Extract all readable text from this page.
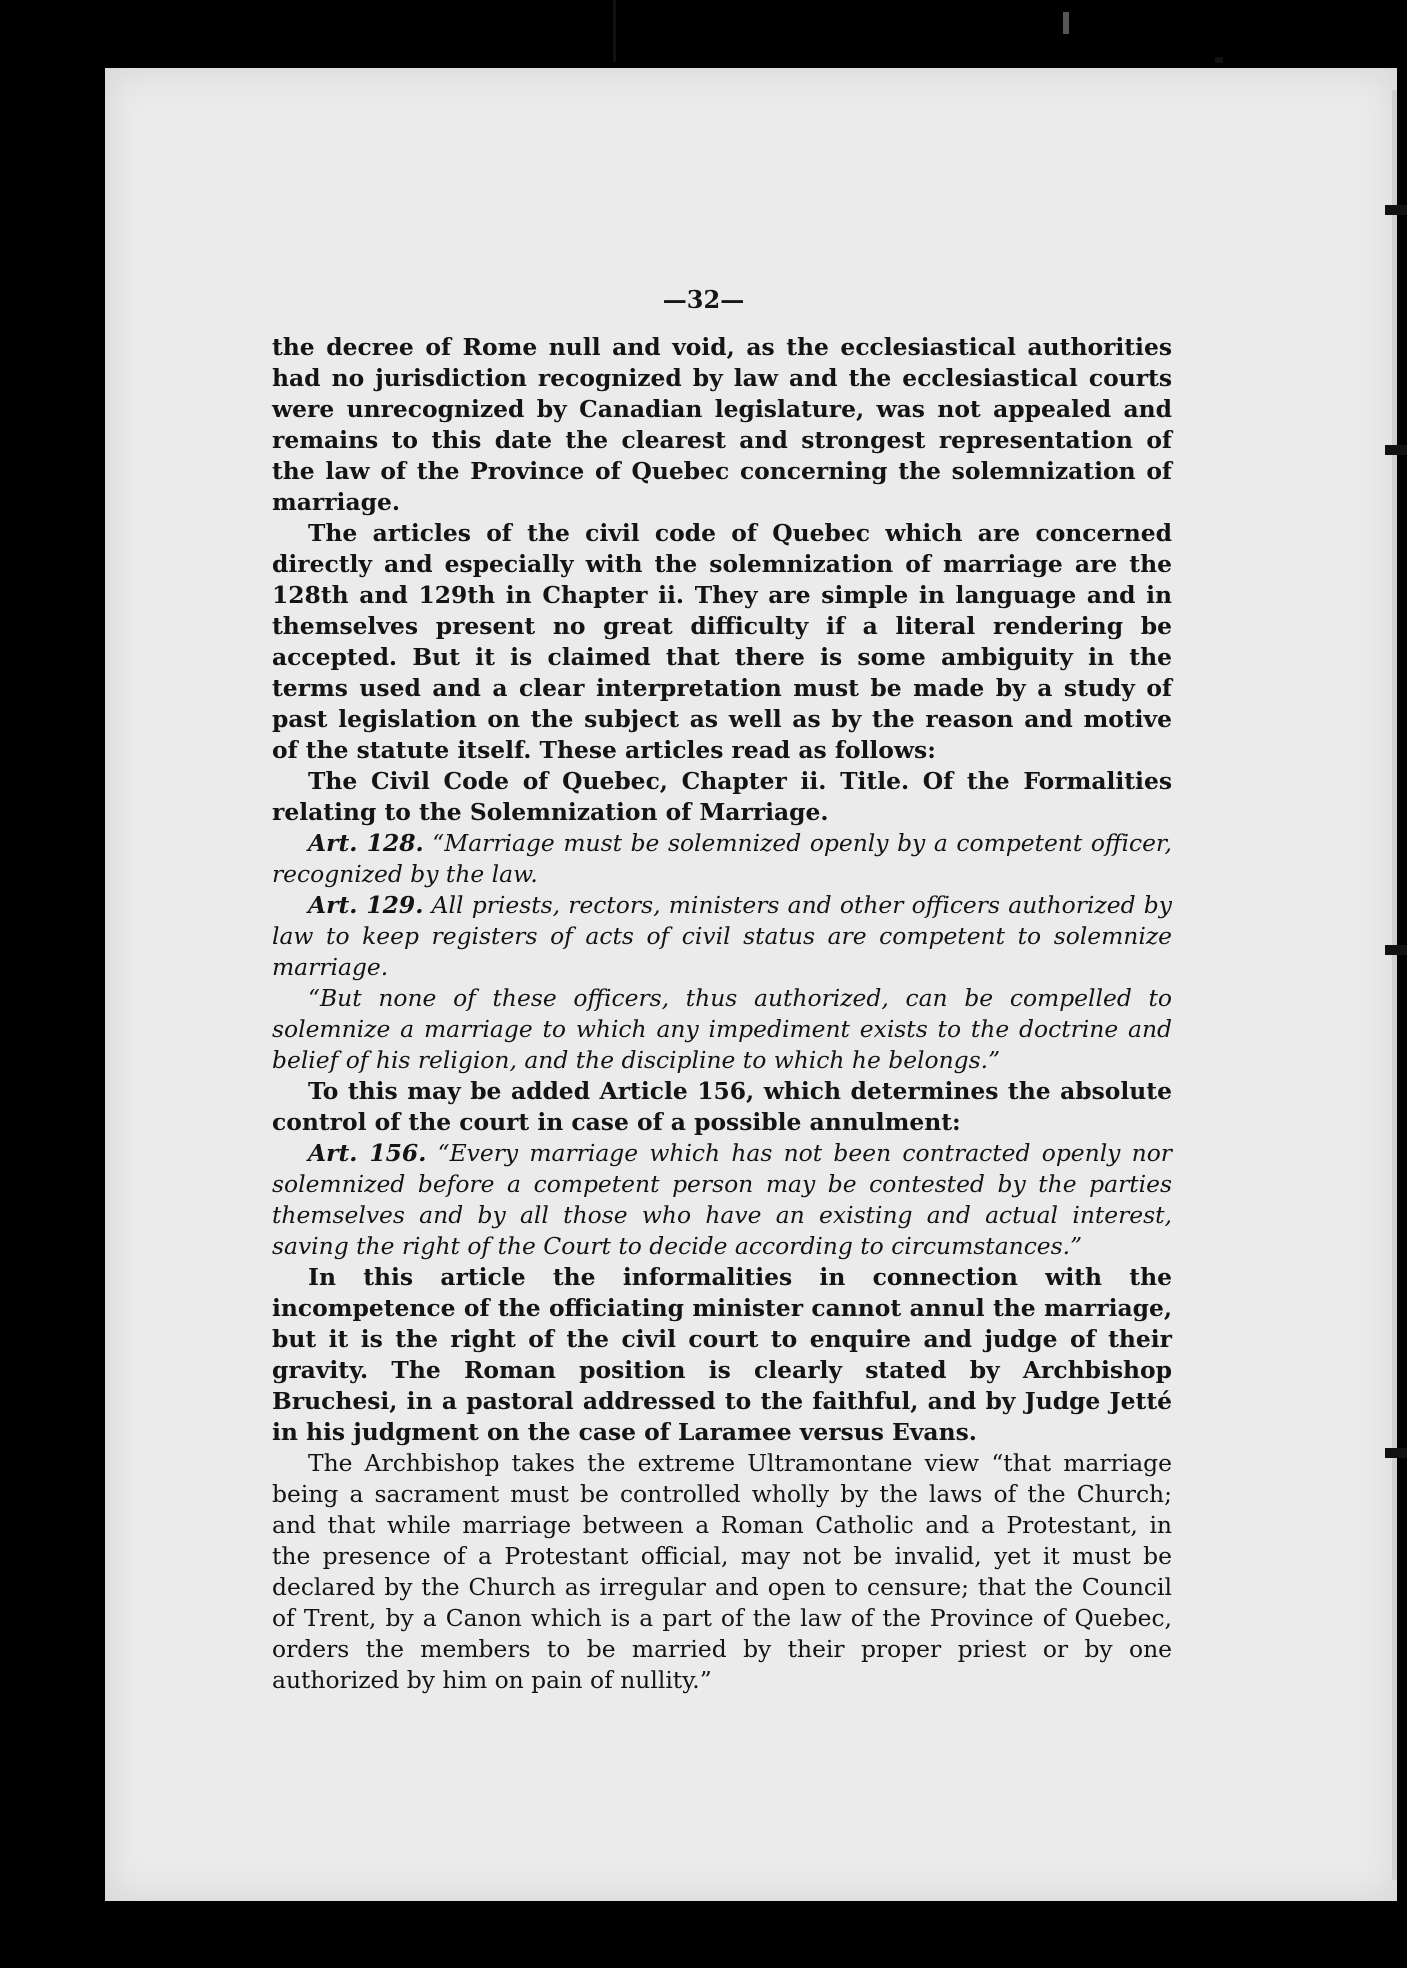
—32—

the decree of Rome null and void, as the ecclesiastical authorities had no jurisdiction recognized by law and the ecclesiastical courts were unrecognized by Canadian legislature, was not appealed and remains to this date the clearest and strongest representation of the law of the Province of Quebec concerning the solemnization of marriage.

The articles of the civil code of Quebec which are concerned directly and especially with the solemnization of marriage are the 128th and 129th in Chapter ii. They are simple in language and in themselves present no great difficulty if a literal rendering be accepted. But it is claimed that there is some ambiguity in the terms used and a clear interpretation must be made by a study of past legislation on the subject as well as by the reason and motive of the statute itself. These articles read as follows:

The Civil Code of Quebec, Chapter ii. Title. Of the Formalities relating to the Solemnization of Marriage.

Art. 128. “Marriage must be solemnized openly by a competent officer, recognized by the law.

Art. 129. All priests, rectors, ministers and other officers authorized by law to keep registers of acts of civil status are competent to solemnize marriage.

“But none of these officers, thus authorized, can be compelled to solemnize a marriage to which any impediment exists to the doctrine and belief of his religion, and the discipline to which he belongs.”

To this may be added Article 156, which determines the absolute control of the court in case of a possible annulment:

Art. 156. “Every marriage which has not been contracted openly nor solemnized before a competent person may be contested by the parties themselves and by all those who have an existing and actual interest, saving the right of the Court to decide according to circumstances.”

In this article the informalities in connection with the incompetence of the officiating minister cannot annul the marriage, but it is the right of the civil court to enquire and judge of their gravity. The Roman position is clearly stated by Archbishop Bruchesi, in a pastoral addressed to the faithful, and by Judge Jetté in his judgment on the case of Laramee versus Evans.

The Archbishop takes the extreme Ultramontane view “that marriage being a sacrament must be controlled wholly by the laws of the Church; and that while marriage between a Roman Catholic and a Protestant, in the presence of a Protestant official, may not be invalid, yet it must be declared by the Church as irregular and open to censure; that the Council of Trent, by a Canon which is a part of the law of the Province of Quebec, orders the members to be married by their proper priest or by one authorized by him on pain of nullity.”
